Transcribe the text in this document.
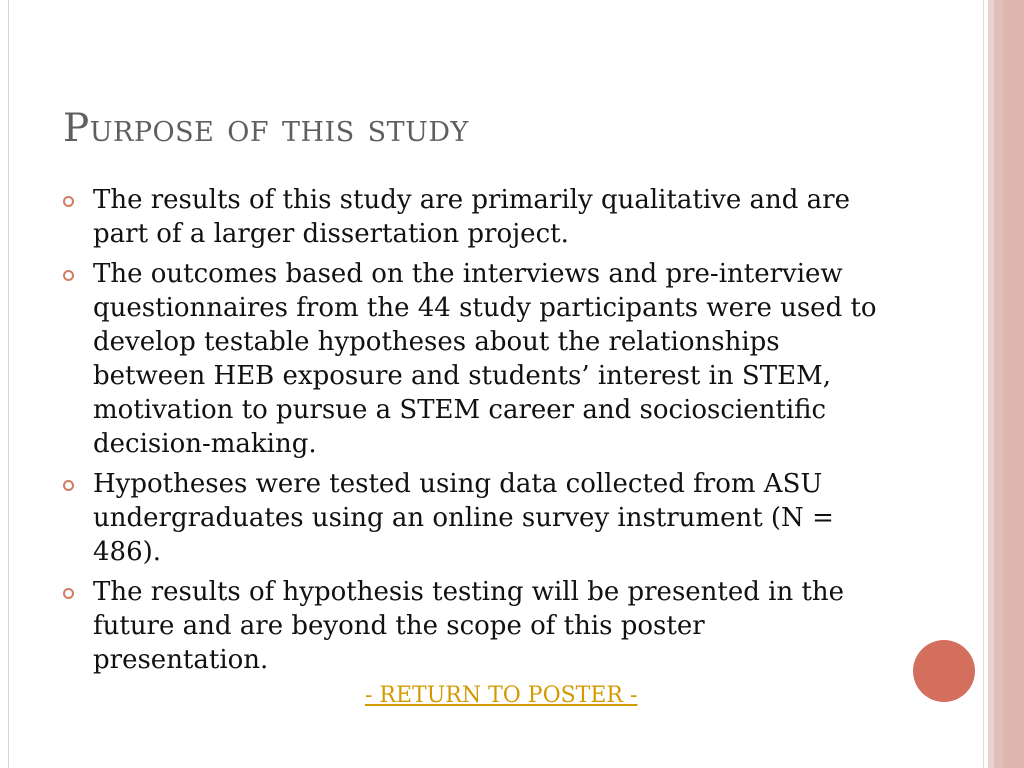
Purpose of this study
The results of this study are primarily qualitative and are part of a larger dissertation project.
The outcomes based on the interviews and pre-interview questionnaires from the 44 study participants were used to develop testable hypotheses about the relationships between HEB exposure and students’ interest in STEM, motivation to pursue a STEM career and socioscientific decision-making.
Hypotheses were tested using data collected from ASU undergraduates using an online survey instrument (N = 486).
The results of hypothesis testing will be presented in the future and are beyond the scope of this poster presentation.
- RETURN TO POSTER -
